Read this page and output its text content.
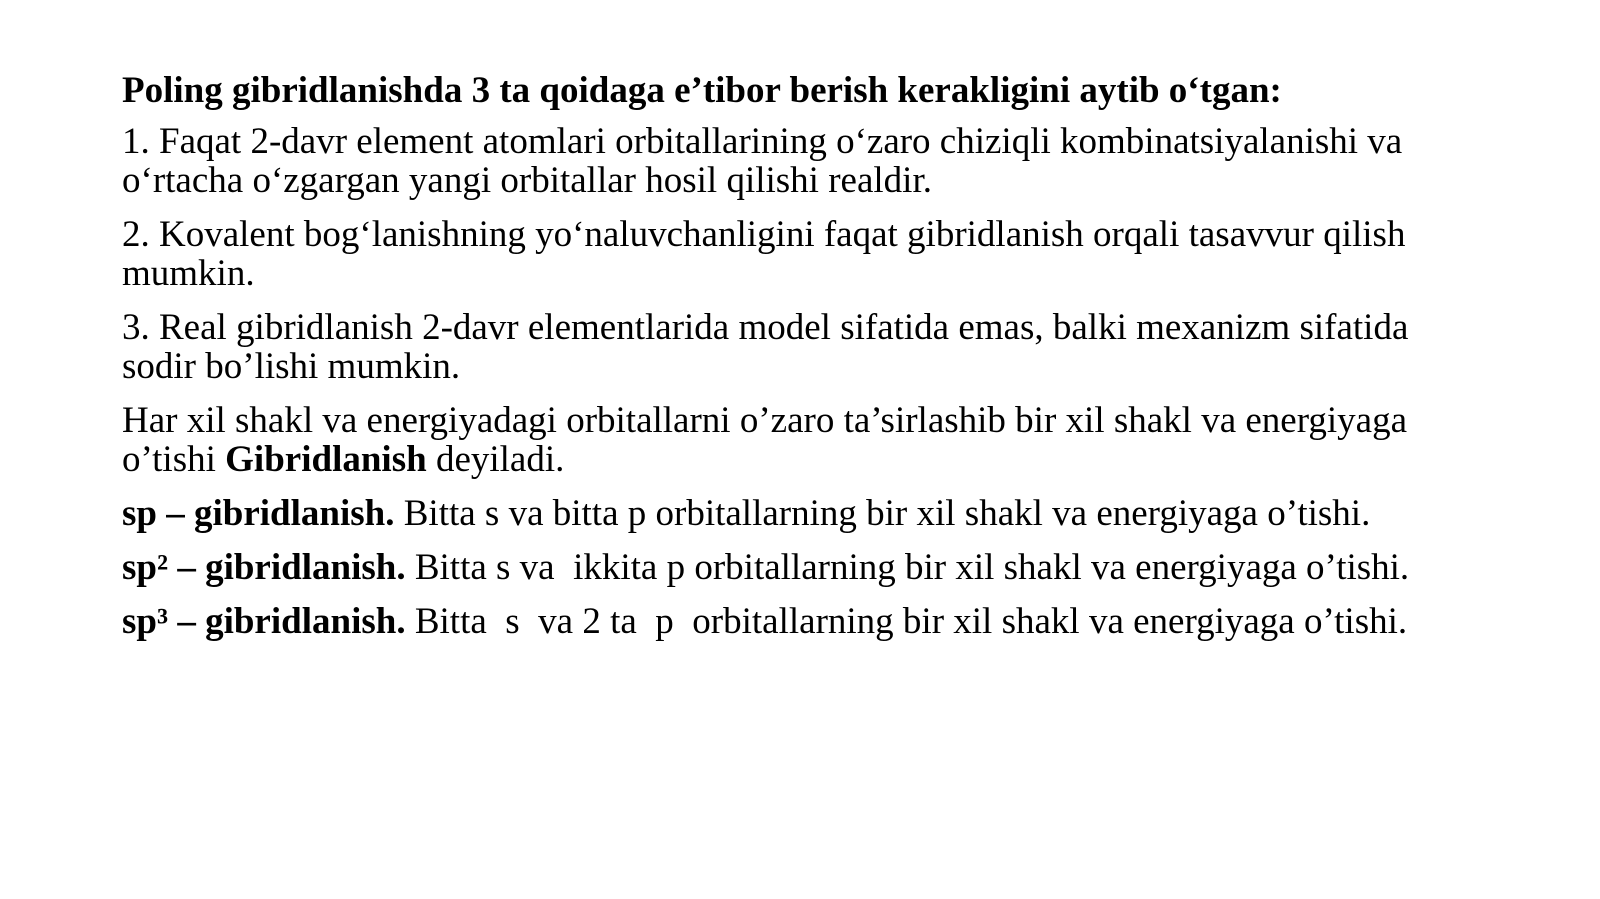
Poling gibridlanishda 3 ta qoidaga e’tibor berish kerakligini aytib o‘tgan:

1. Faqat 2-davr element atomlari orbitallarining o‘zaro chiziqli kombinatsiyalanishi va o‘rtacha o‘zgargan yangi orbitallar hosil qilishi realdir.

2. Kovalent bog‘lanishning yo‘naluvchanligini faqat gibridlanish orqali tasavvur qilish mumkin.

3. Real gibridlanish 2-davr elementlarida model sifatida emas, balki mexanizm sifatida sodir bo’lishi mumkin.

Har xil shakl va energiyadagi orbitallarni o’zaro ta’sirlashib bir xil shakl va energiyaga o’tishi Gibridlanish deyiladi.

sp – gibridlanish. Bitta s va bitta p orbitallarning bir xil shakl va energiyaga o’tishi.

sp² – gibridlanish. Bitta s va  ikkita p orbitallarning bir xil shakl va energiyaga o’tishi.

sp³ – gibridlanish. Bitta  s  va 2 ta  p  orbitallarning bir xil shakl va energiyaga o’tishi.
